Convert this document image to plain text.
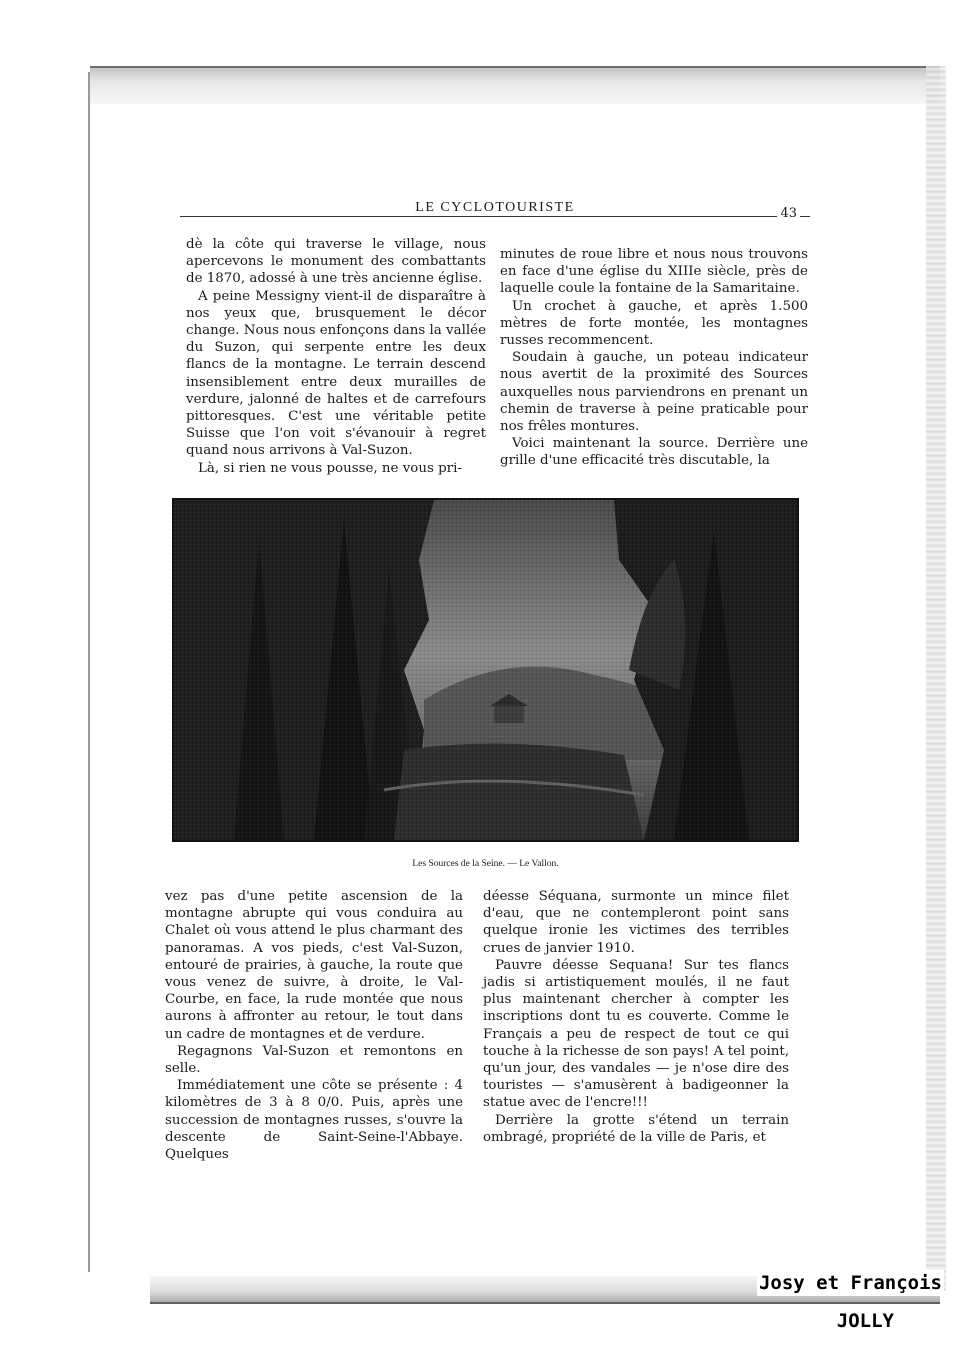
LE CYCLOTOURISTE	43

dè la côte qui traverse le village, nous apercevons le monument des combattants de 1870, adossé à une très ancienne église.

A peine Messigny vient-il de disparaître à nos yeux que, brusquement le décor change. Nous nous enfonçons dans la vallée du Suzon, qui serpente entre les deux flancs de la montagne. Le terrain descend insensiblement entre deux murailles de verdure, jalonné de haltes et de carrefours pittoresques. C'est une véritable petite Suisse que l'on voit s'évanouir à regret quand nous arrivons à Val-Suzon.

Là, si rien ne vous pousse, ne vous pri-

minutes de roue libre et nous nous trouvons en face d'une église du XIIIe siècle, près de laquelle coule la fontaine de la Samaritaine.

Un crochet à gauche, et après 1.500 mètres de forte montée, les montagnes russes recommencent.

Soudain à gauche, un poteau indicateur nous avertit de la proximité des Sources auxquelles nous parviendrons en prenant un chemin de traverse à peine praticable pour nos frêles montures.

Voici maintenant la source. Derrière une grille d'une efficacité très discutable, la

Les Sources de la Seine. — Le Vallon.

vez pas d'une petite ascension de la montagne abrupte qui vous conduira au Chalet où vous attend le plus charmant des panoramas. A vos pieds, c'est Val-Suzon, entouré de prairies, à gauche, la route que vous venez de suivre, à droite, le Val-Courbe, en face, la rude montée que nous aurons à affronter au retour, le tout dans un cadre de montagnes et de verdure.

Regagnons Val-Suzon et remontons en selle.

Immédiatement une côte se présente : 4 kilomètres de 3 à 8 0/0. Puis, après une succession de montagnes russes, s'ouvre la descente de Saint-Seine-l'Abbaye. Quelques

déesse Séquana, surmonte un mince filet d'eau, que ne contempleront point sans quelque ironie les victimes des terribles crues de janvier 1910.

Pauvre déesse Sequana! Sur tes flancs jadis si artistiquement moulés, il ne faut plus maintenant chercher à compter les inscriptions dont tu es couverte. Comme le Français a peu de respect de tout ce qui touche à la richesse de son pays! A tel point, qu'un jour, des vandales — je n'ose dire des touristes — s'amusèrent à badigeonner la statue avec de l'encre!!!

Derrière la grotte s'étend un terrain ombragé, propriété de la ville de Paris, et

Josy et François
JOLLY
